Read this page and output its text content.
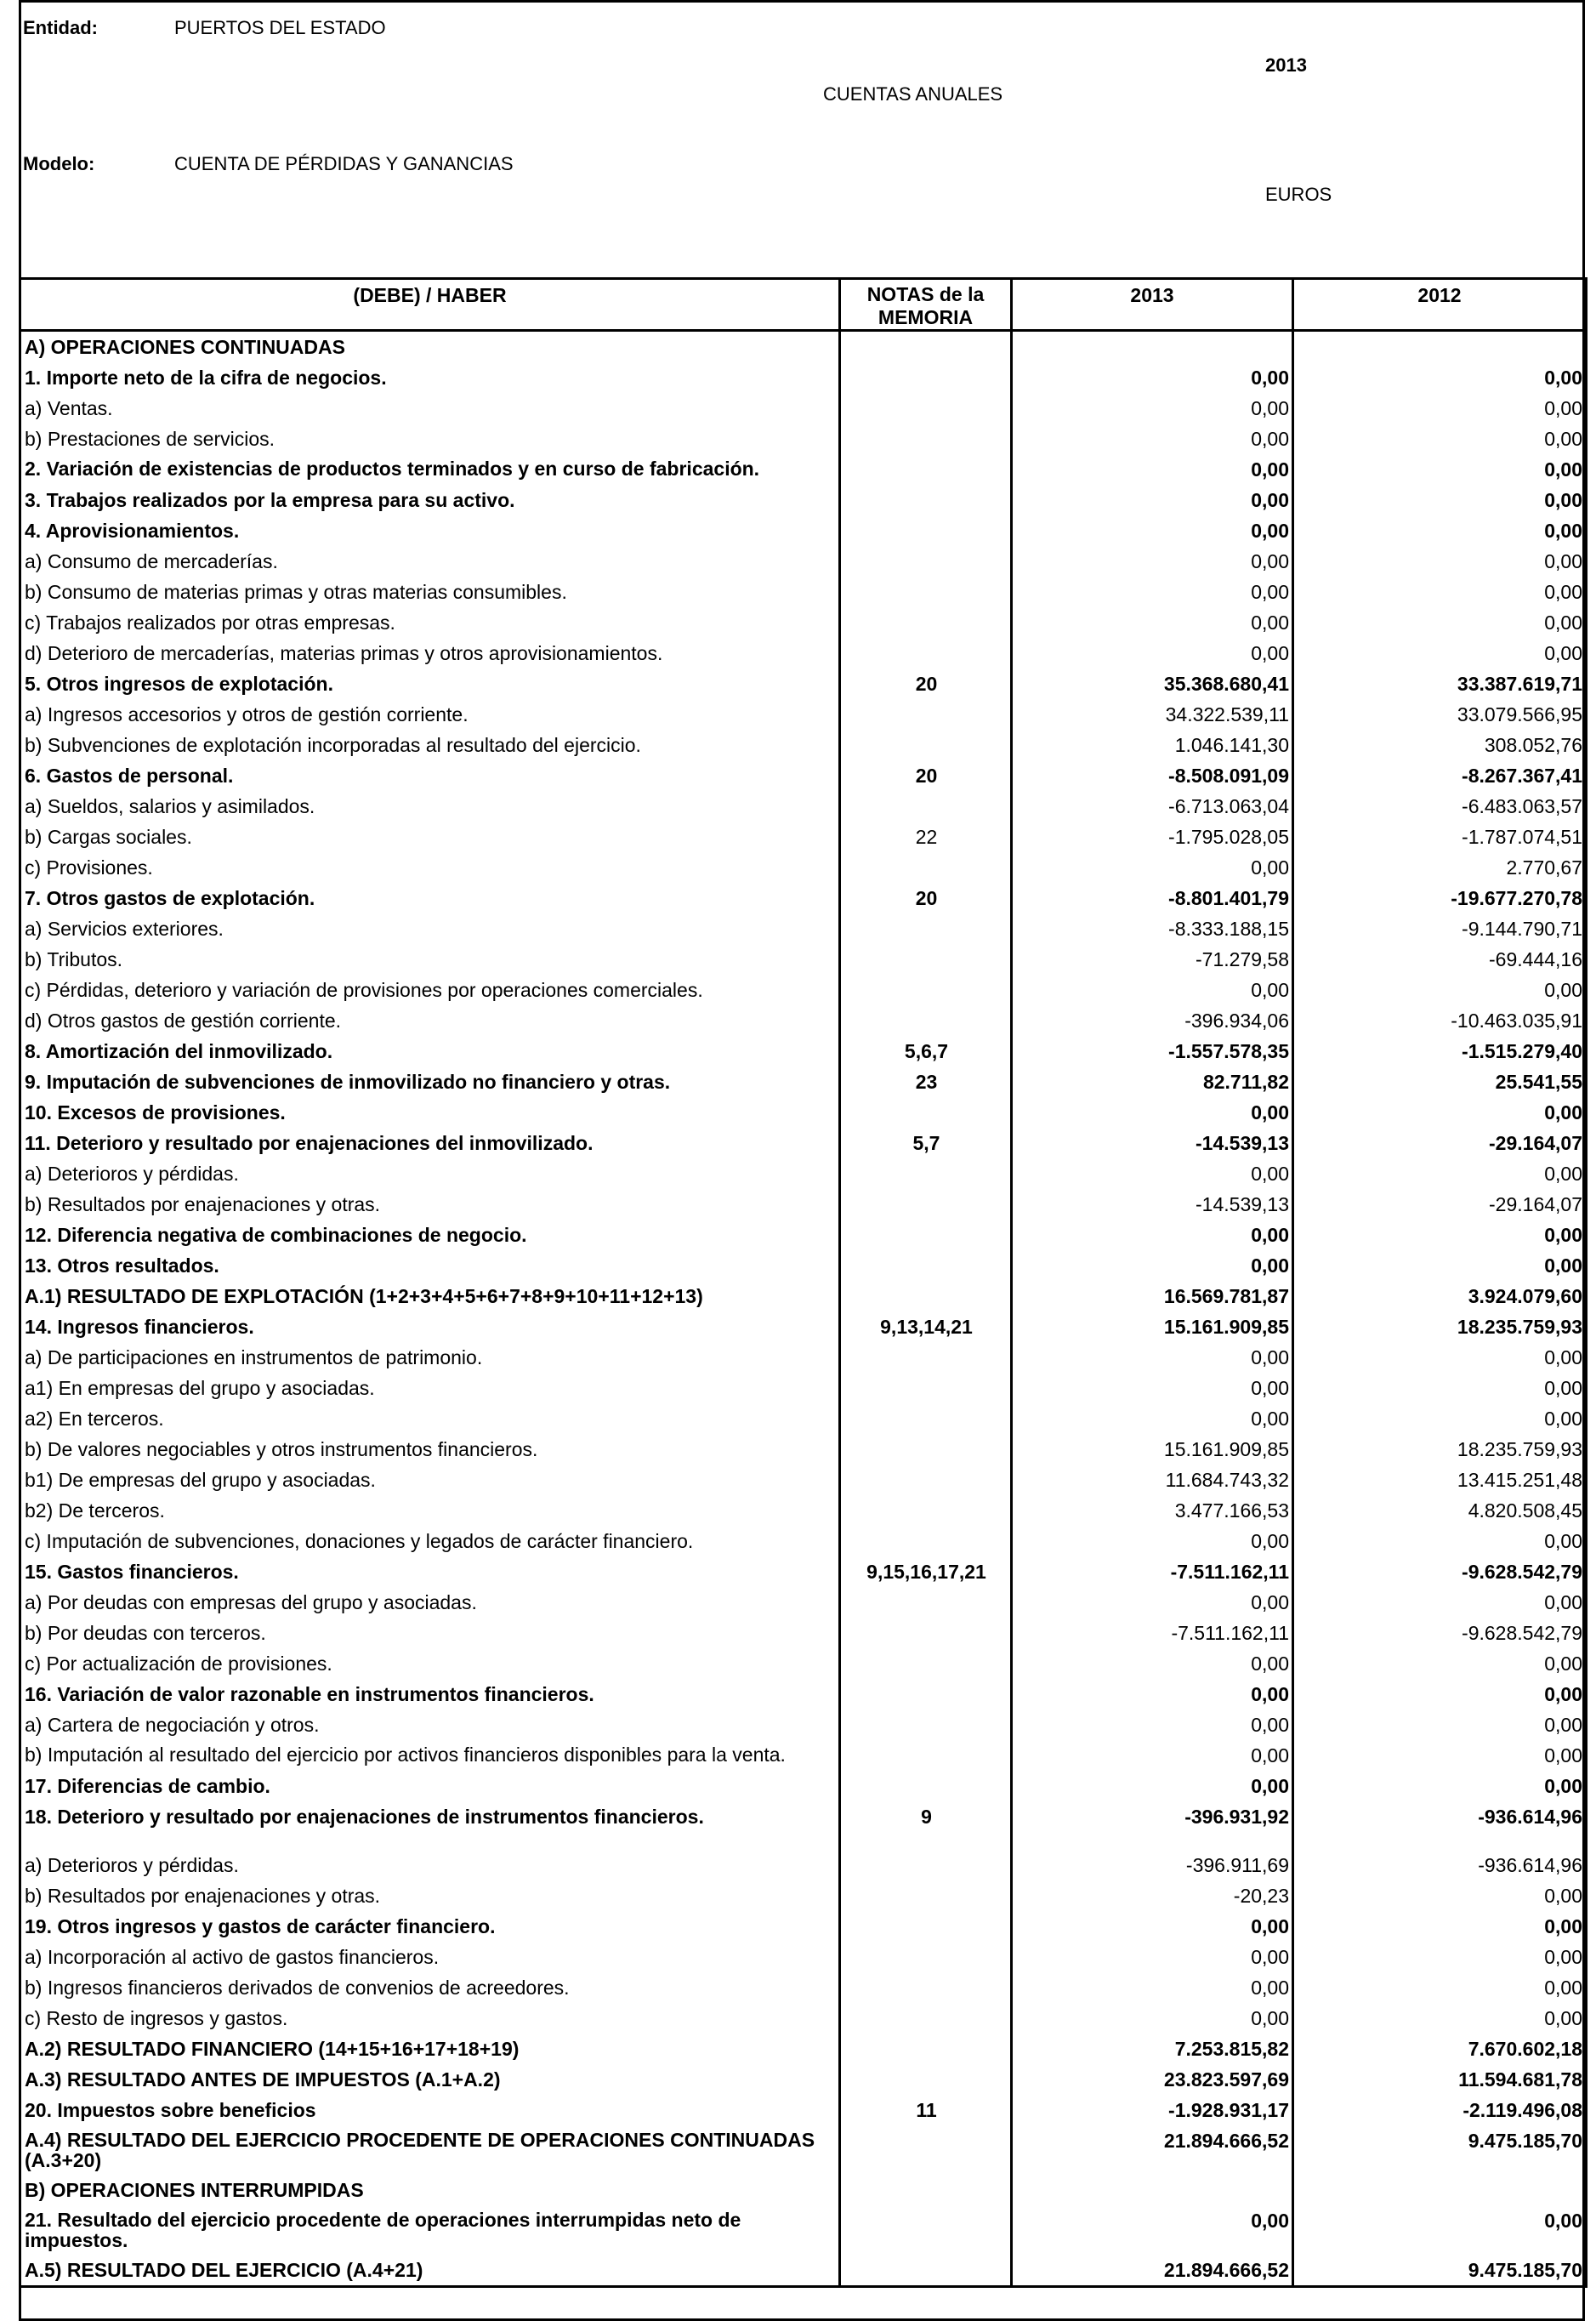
Entidad:	PUERTOS DEL ESTADO
2013
CUENTAS ANUALES
Modelo:	CUENTA DE PÉRDIDAS Y GANANCIAS
EUROS
(DEBE) / HABER	NOTAS de la MEMORIA	2013	2012
A) OPERACIONES CONTINUADAS			
1. Importe neto de la cifra de negocios.		0,00	0,00
a) Ventas.		0,00	0,00
b) Prestaciones de servicios.		0,00	0,00
2. Variación de existencias de productos terminados y en curso de fabricación.		0,00	0,00
3. Trabajos realizados por la empresa para su activo.		0,00	0,00
4. Aprovisionamientos.		0,00	0,00
a) Consumo de mercaderías.		0,00	0,00
b) Consumo de materias primas y otras materias consumibles.		0,00	0,00
c) Trabajos realizados por otras empresas.		0,00	0,00
d) Deterioro de mercaderías, materias primas y otros aprovisionamientos.		0,00	0,00
5. Otros ingresos de explotación.	20	35.368.680,41	33.387.619,71
a) Ingresos accesorios y otros de gestión corriente.		34.322.539,11	33.079.566,95
b) Subvenciones de explotación incorporadas al resultado del ejercicio.		1.046.141,30	308.052,76
6. Gastos de personal.	20	-8.508.091,09	-8.267.367,41
a) Sueldos, salarios y asimilados.		-6.713.063,04	-6.483.063,57
b) Cargas sociales.	22	-1.795.028,05	-1.787.074,51
c) Provisiones.		0,00	2.770,67
7. Otros gastos de explotación.	20	-8.801.401,79	-19.677.270,78
a) Servicios exteriores.		-8.333.188,15	-9.144.790,71
b) Tributos.		-71.279,58	-69.444,16
c) Pérdidas, deterioro y variación de provisiones por operaciones comerciales.		0,00	0,00
d) Otros gastos de gestión corriente.		-396.934,06	-10.463.035,91
8. Amortización del inmovilizado.	5,6,7	-1.557.578,35	-1.515.279,40
9. Imputación de subvenciones de inmovilizado no financiero y otras.	23	82.711,82	25.541,55
10. Excesos de provisiones.		0,00	0,00
11. Deterioro y resultado por enajenaciones del inmovilizado.	5,7	-14.539,13	-29.164,07
a) Deterioros y pérdidas.		0,00	0,00
b) Resultados por enajenaciones y otras.		-14.539,13	-29.164,07
12. Diferencia negativa de combinaciones de negocio.		0,00	0,00
13. Otros resultados.		0,00	0,00
A.1) RESULTADO DE EXPLOTACIÓN (1+2+3+4+5+6+7+8+9+10+11+12+13)		16.569.781,87	3.924.079,60
14. Ingresos financieros.	9,13,14,21	15.161.909,85	18.235.759,93
a) De participaciones en instrumentos de patrimonio.		0,00	0,00
a1) En empresas del grupo y asociadas.		0,00	0,00
a2) En terceros.		0,00	0,00
b) De valores negociables y otros instrumentos financieros.		15.161.909,85	18.235.759,93
b1) De empresas del grupo y asociadas.		11.684.743,32	13.415.251,48
b2) De terceros.		3.477.166,53	4.820.508,45
c) Imputación de subvenciones, donaciones y legados de carácter financiero.		0,00	0,00
15. Gastos financieros.	9,15,16,17,21	-7.511.162,11	-9.628.542,79
a) Por deudas con empresas del grupo y asociadas.		0,00	0,00
b) Por deudas con terceros.		-7.511.162,11	-9.628.542,79
c) Por actualización de provisiones.		0,00	0,00
16. Variación de valor razonable en instrumentos financieros.		0,00	0,00
a) Cartera de negociación y otros.		0,00	0,00
b) Imputación al resultado del ejercicio por activos financieros disponibles para la venta.		0,00	0,00
17. Diferencias de cambio.		0,00	0,00
18. Deterioro y resultado por enajenaciones de instrumentos financieros.	9	-396.931,92	-936.614,96
a) Deterioros y pérdidas.		-396.911,69	-936.614,96
b) Resultados por enajenaciones y otras.		-20,23	0,00
19. Otros ingresos y gastos de carácter financiero.		0,00	0,00
a) Incorporación al activo de gastos financieros.		0,00	0,00
b) Ingresos financieros derivados de convenios de acreedores.		0,00	0,00
c) Resto de ingresos y gastos.		0,00	0,00
A.2) RESULTADO FINANCIERO (14+15+16+17+18+19)		7.253.815,82	7.670.602,18
A.3) RESULTADO ANTES DE IMPUESTOS (A.1+A.2)		23.823.597,69	11.594.681,78
20. Impuestos sobre beneficios	11	-1.928.931,17	-2.119.496,08
A.4) RESULTADO DEL EJERCICIO PROCEDENTE DE OPERACIONES CONTINUADAS (A.3+20)		21.894.666,52	9.475.185,70
B) OPERACIONES INTERRUMPIDAS			
21. Resultado del ejercicio procedente de operaciones interrumpidas neto de impuestos.		0,00	0,00
A.5) RESULTADO DEL EJERCICIO (A.4+21)		21.894.666,52	9.475.185,70
